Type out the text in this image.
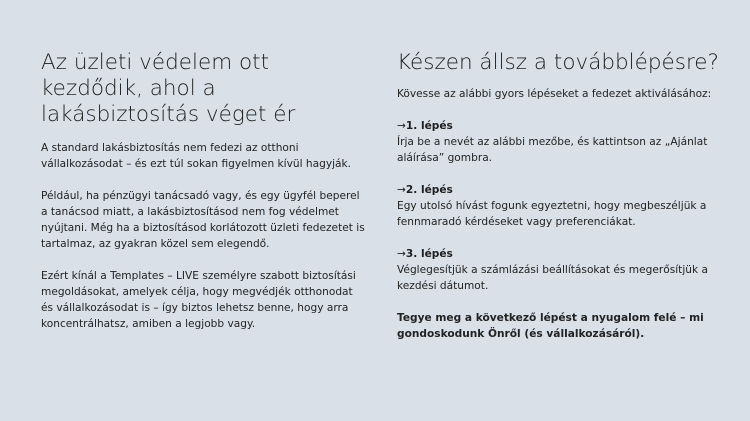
Az üzleti védelem ott kezdődik, ahol a lakásbiztosítás véget ér

A standard lakásbiztosítás nem fedezi az otthoni vállalkozásodat – és ezt túl sokan figyelmen kívül hagyják.

Például, ha pénzügyi tanácsadó vagy, és egy ügyfél beperel a tanácsod miatt, a lakásbiztosításod nem fog védelmet nyújtani. Még ha a biztosításod korlátozott üzleti fedezetet is tartalmaz, az gyakran közel sem elegendő.

Ezért kínál a Templates – LIVE személyre szabott biztosítási megoldásokat, amelyek célja, hogy megvédjék otthonodat és vállalkozásodat is – így biztos lehetsz benne, hogy arra koncentrálhatsz, amiben a legjobb vagy.

Készen állsz a továbblépésre?

Kövesse az alábbi gyors lépéseket a fedezet aktiválásához:

→1. lépés

Írja be a nevét az alábbi mezőbe, és kattintson az „Ajánlat aláírása” gombra.

→2. lépés

Egy utolsó hívást fogunk egyeztetni, hogy megbeszéljük a fennmaradó kérdéseket vagy preferenciákat.

→3. lépés

Véglegesítjük a számlázási beállításokat és megerősítjük a kezdési dátumot.

Tegye meg a következő lépést a nyugalom felé – mi gondoskodunk Önről (és vállalkozásáról).
